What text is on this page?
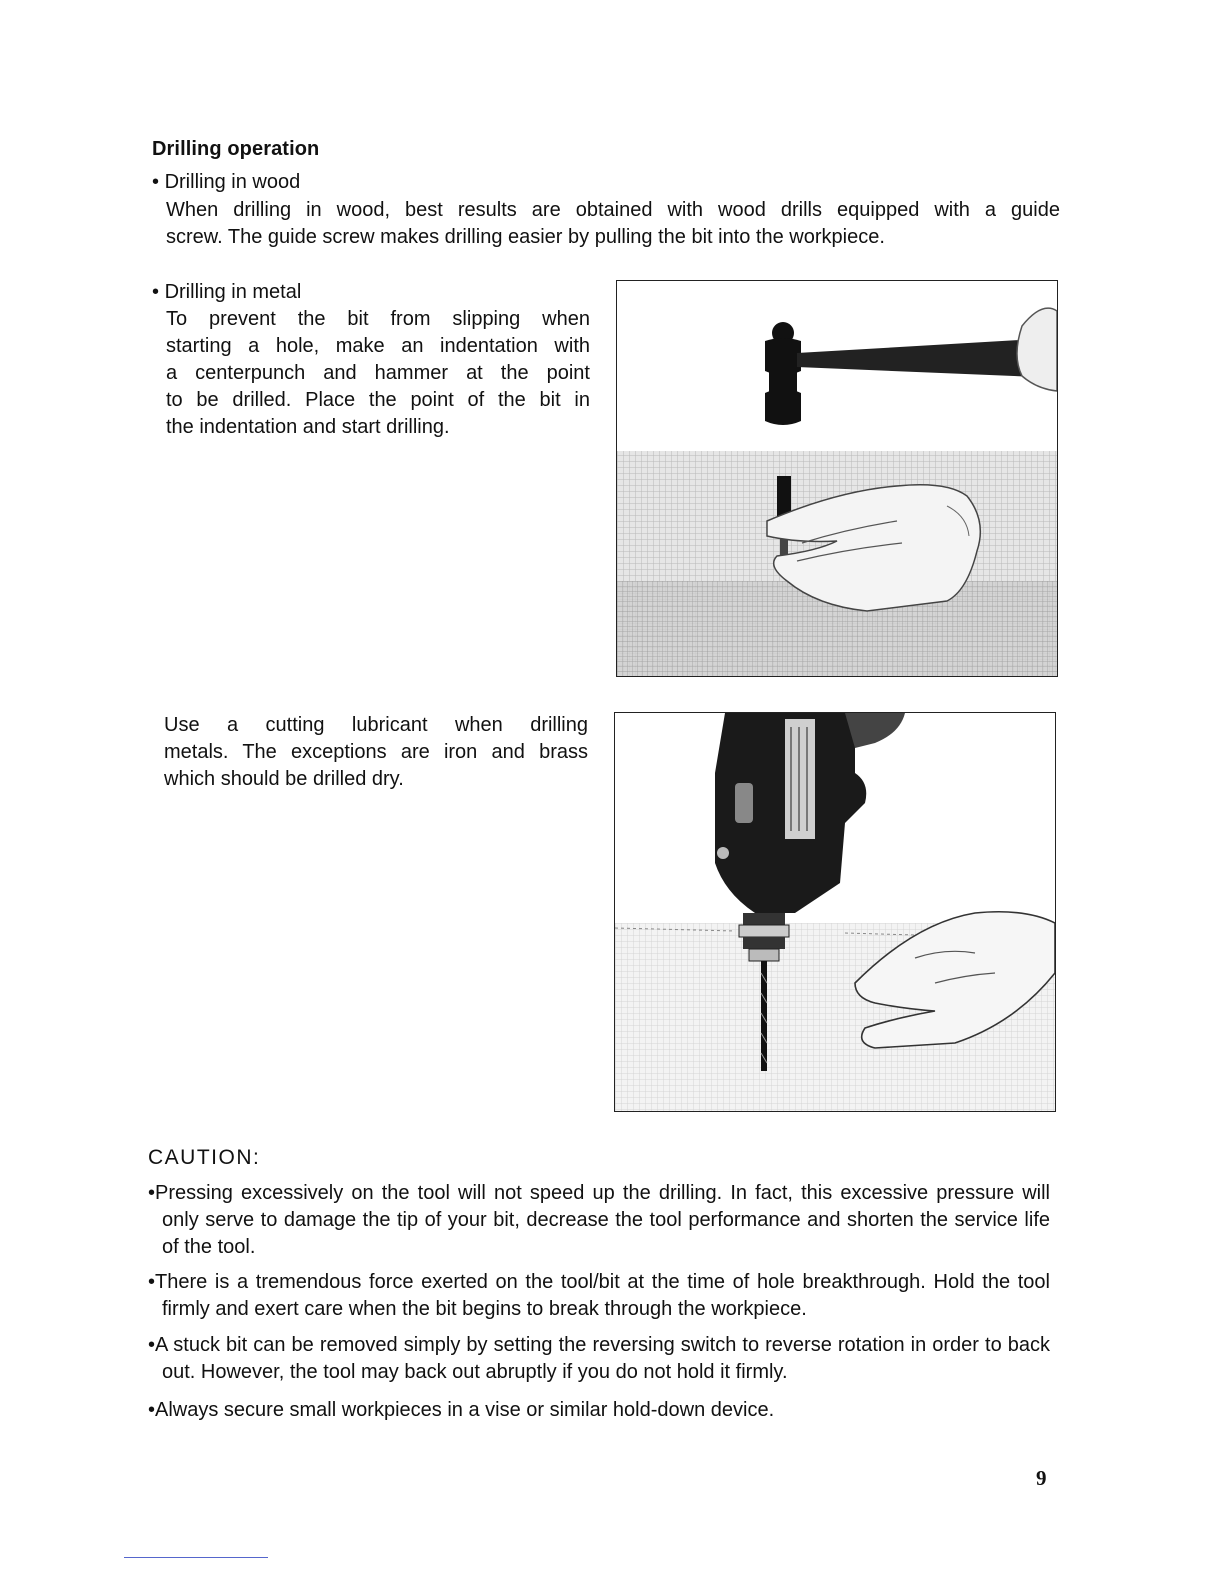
Drilling operation
• Drilling in wood
When drilling in wood, best results are obtained with wood drills equipped with a guide
screw. The guide screw makes drilling easier by pulling the bit into the workpiece.
• Drilling in metal
To prevent the bit from slipping when
starting a hole, make an indentation with
a centerpunch and hammer at the point
to be drilled. Place the point of the bit in
the indentation and start drilling.
Use a cutting lubricant when drilling
metals. The exceptions are iron and brass
which should be drilled dry.
CAUTION:
•Pressing excessively on the tool will not speed up the drilling. In fact, this excessive pressure will only serve to damage the tip of your bit, decrease the tool performance and shorten the service life of the tool.
•There is a tremendous force exerted on the tool/bit at the time of hole breakthrough. Hold the tool firmly and exert care when the bit begins to break through the workpiece.
•A stuck bit can be removed simply by setting the reversing switch to reverse rotation in order to back out. However, the tool may back out abruptly if you do not hold it firmly.
•Always secure small workpieces in a vise or similar hold-down device.
9
